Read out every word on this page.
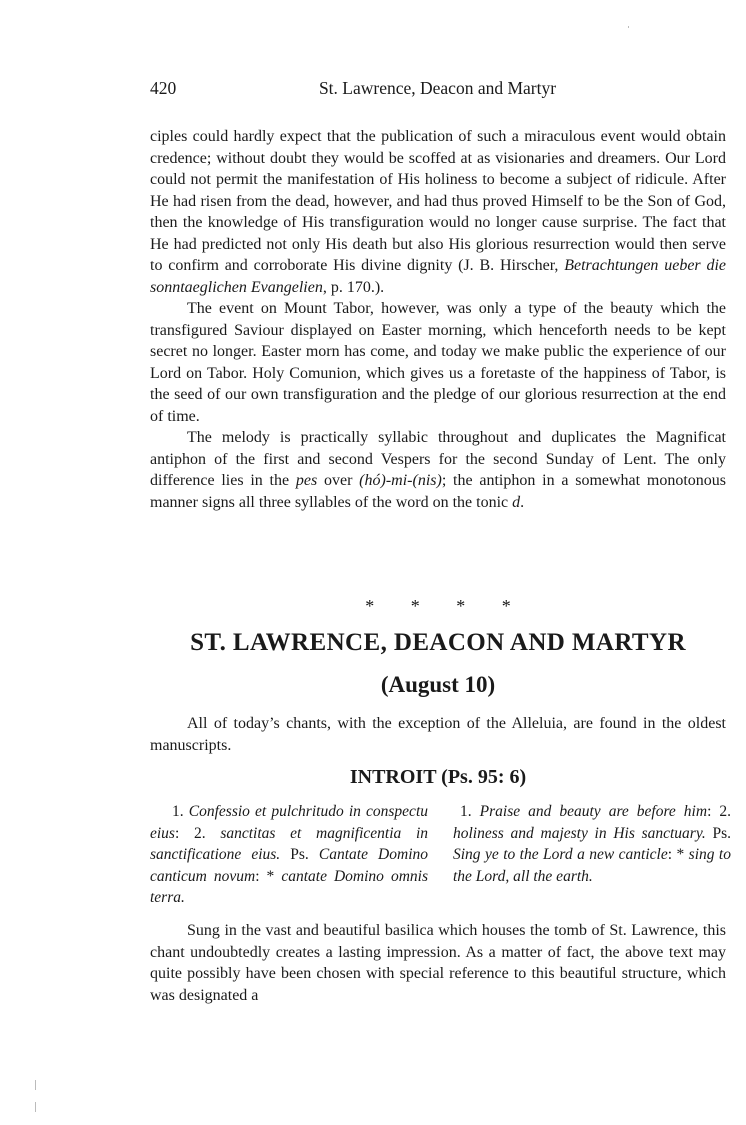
420	St. Lawrence, Deacon and Martyr

ciples could hardly expect that the publication of such a miraculous event would obtain credence; without doubt they would be scoffed at as visionaries and dreamers. Our Lord could not permit the manifestation of His holiness to become a subject of ridicule. After He had risen from the dead, however, and had thus proved Himself to be the Son of God, then the knowledge of His transfiguration would no longer cause surprise. The fact that He had predicted not only His death but also His glorious resurrection would then serve to confirm and corroborate His divine dignity (J. B. Hirscher, Betrachtungen ueber die sonntaeglichen Evangelien, p. 170.).

The event on Mount Tabor, however, was only a type of the beauty which the transfigured Saviour displayed on Easter morning, which henceforth needs to be kept secret no longer. Easter morn has come, and today we make public the experience of our Lord on Tabor. Holy Comunion, which gives us a foretaste of the happiness of Tabor, is the seed of our own transfiguration and the pledge of our glorious resurrection at the end of time.

The melody is practically syllabic throughout and duplicates the Magnificat antiphon of the first and second Vespers for the second Sunday of Lent. The only difference lies in the pes over (hó)-mi-(nis); the antiphon in a somewhat monotonous manner signs all three syllables of the word on the tonic d.

* * * *
ST. LAWRENCE, DEACON AND MARTYR
(August 10)
All of today’s chants, with the exception of the Alleluia, are found in the oldest manuscripts.
INTROIT (Ps. 95: 6)
1. Confessio et pulchritudo in conspectu eius: 2. sanctitas et magnificentia in sanctificatione eius. Ps. Cantate Domino canticum novum: * cantate Domino omnis terra.
1. Praise and beauty are before him: 2. holiness and majesty in His sanctuary. Ps. Sing ye to the Lord a new canticle: * sing to the Lord, all the earth.
Sung in the vast and beautiful basilica which houses the tomb of St. Lawrence, this chant undoubtedly creates a lasting impression. As a matter of fact, the above text may quite possibly have been chosen with special reference to this beautiful structure, which was designated a
